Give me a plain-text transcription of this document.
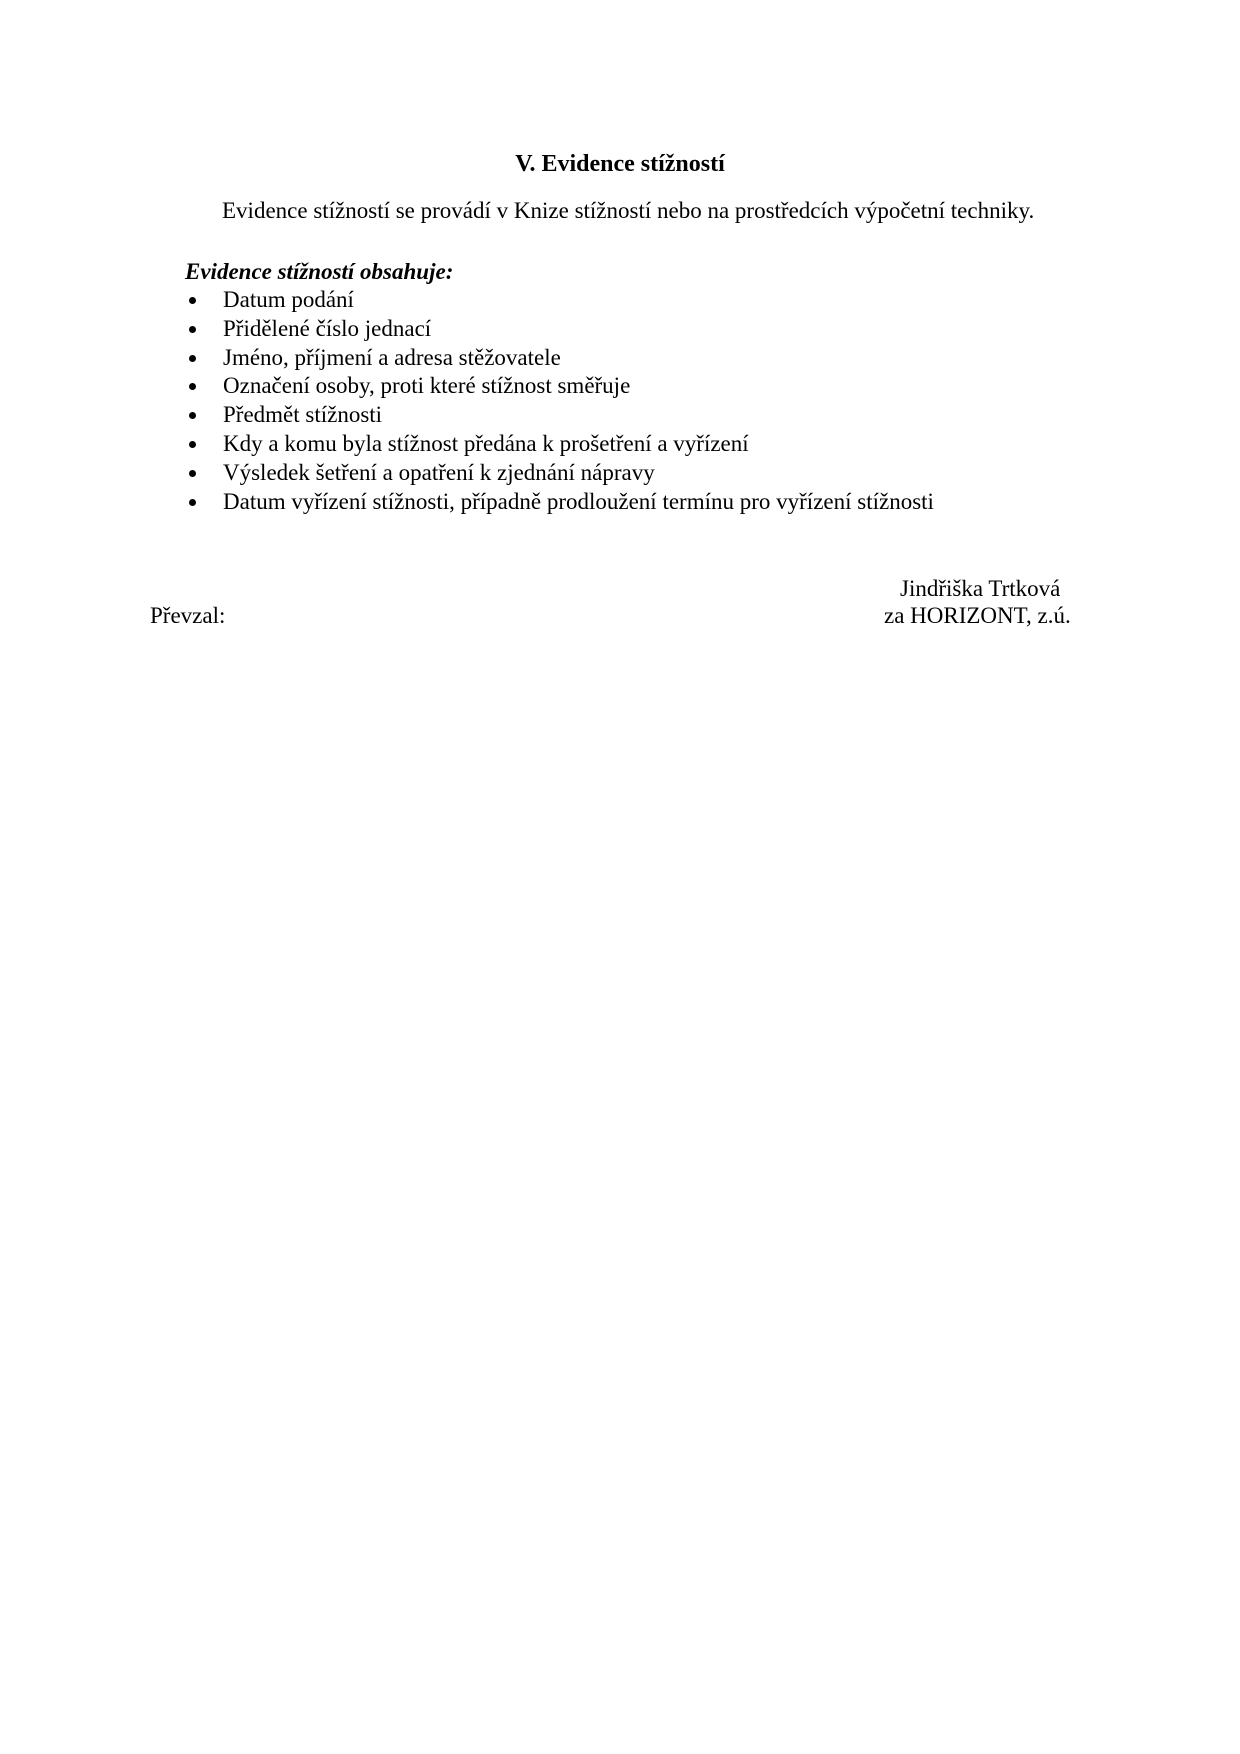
V. Evidence stížností

Evidence stížností se provádí v Knize stížností nebo na prostředcích výpočetní techniky.

Evidence stížností obsahuje:
Datum podání
Přidělené číslo jednací
Jméno, příjmení a adresa stěžovatele
Označení osoby, proti které stížnost směřuje
Předmět stížnosti
Kdy a komu byla stížnost předána k prošetření a vyřízení
Výsledek šetření a opatření k zjednání nápravy
Datum vyřízení stížnosti, případně prodloužení termínu pro vyřízení stížnosti
Jindřiška Trtková
Převzal:	za HORIZONT, z.ú.
